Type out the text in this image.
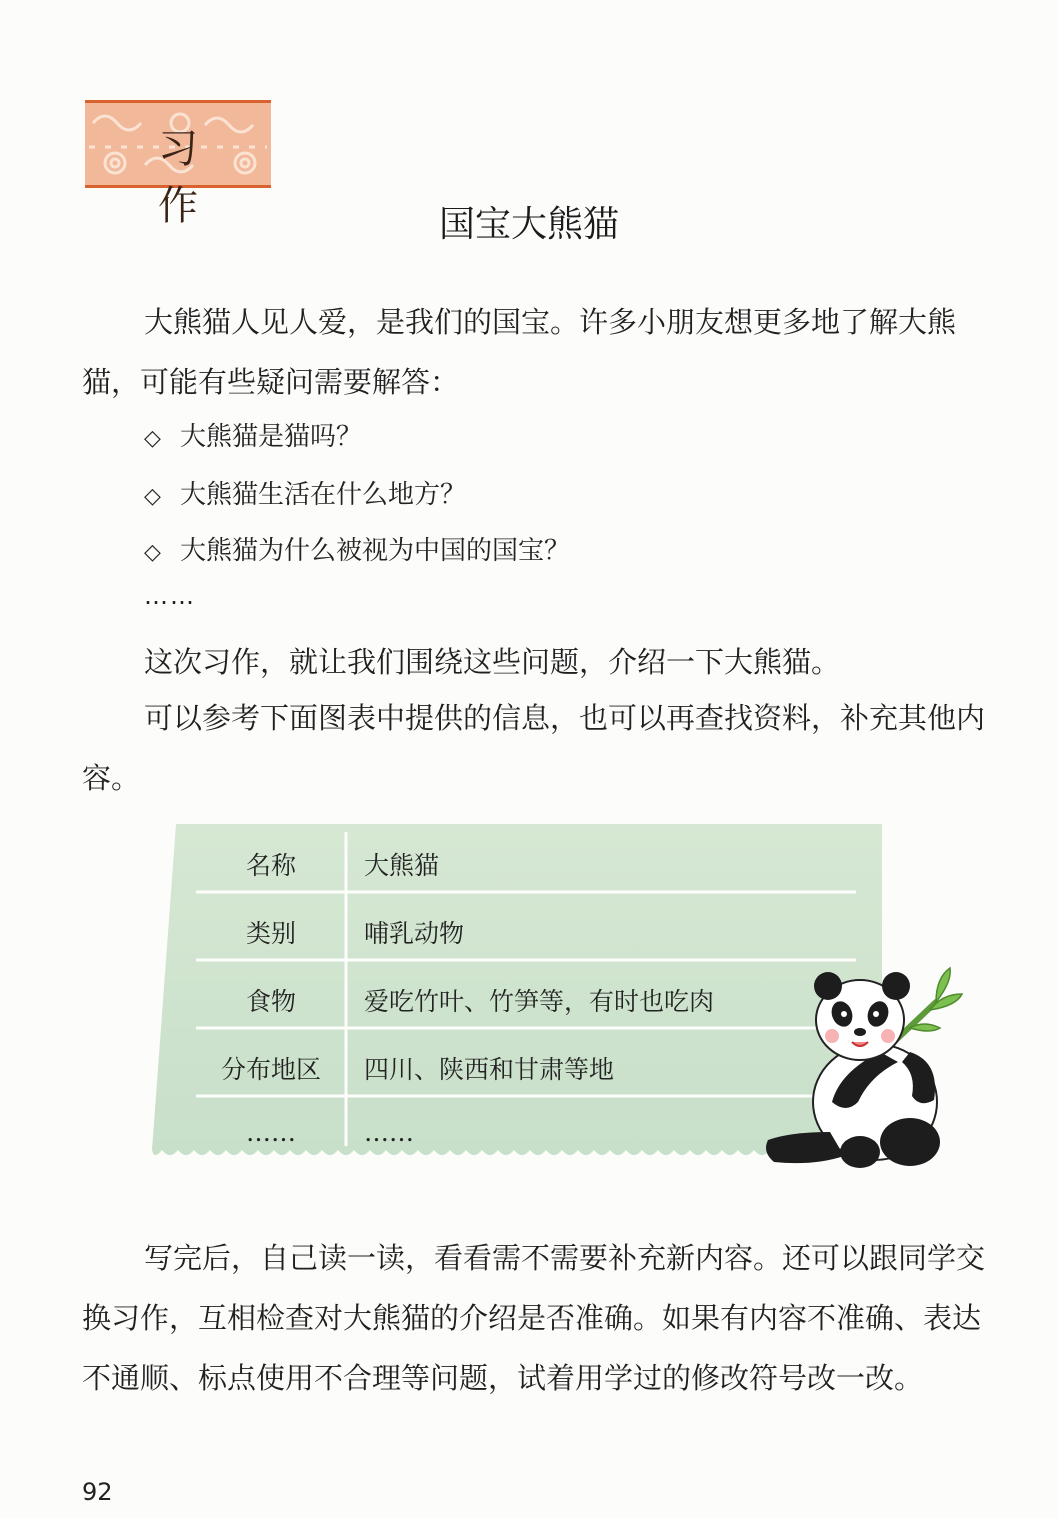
习 作	国宝大熊猫

大熊猫人见人爱，是我们的国宝。许多小朋友想更多地了解大熊猫，可能有些疑问需要解答：

◇ 大熊猫是猫吗？
◇ 大熊猫生活在什么地方？
◇ 大熊猫为什么被视为中国的国宝？
……

这次习作，就让我们围绕这些问题，介绍一下大熊猫。

可以参考下面图表中提供的信息，也可以再查找资料，补充其他内容。

名称	大熊猫
类别	哺乳动物
食物	爱吃竹叶、竹笋等，有时也吃肉
分布地区	四川、陕西和甘肃等地
……	……

写完后，自己读一读，看看需不需要补充新内容。还可以跟同学交换习作，互相检查对大熊猫的介绍是否准确。如果有内容不准确、表达不通顺、标点使用不合理等问题，试着用学过的修改符号改一改。

92
